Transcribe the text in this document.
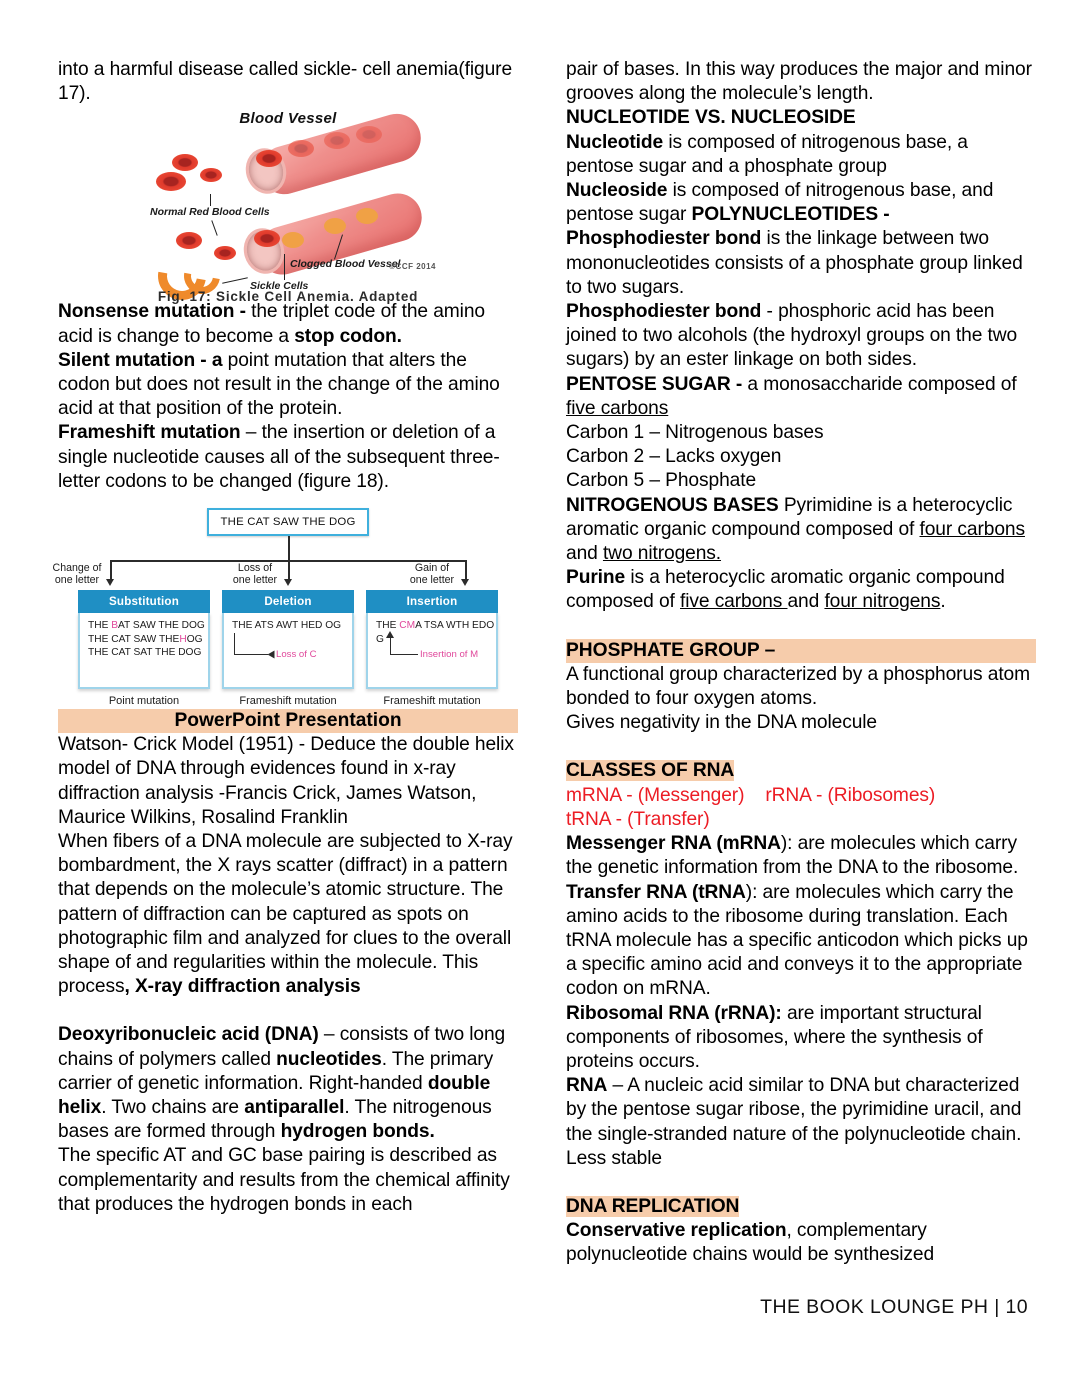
into a harmful disease called sickle- cell anemia(figure 17).

Blood Vessel
Normal Red Blood Cells
Clogged Blood Vessel
Sickle Cells
©CCF 2014
Fig. 17: Sickle Cell Anemia. Adapted

Nonsense mutation - the triplet code of the amino acid is change to become a stop codon.

Silent mutation - a point mutation that alters the codon but does not result in the change of the amino acid at that position of the protein.

Frameshift mutation – the insertion or deletion of a

single nucleotide causes all of the subsequent three-letter codons to be changed (figure 18).

THE CAT SAW THE DOG
Change of
one letter
Loss of
one letter
Gain of
one letter
Substitution
THE BAT SAW THE DOG
THE CAT SAW THEHOG
THE CAT SAT THE DOG
Point mutation
Deletion
THE ATS AWT HED OG
Loss of C
Frameshift mutation
Insertion
THE CMA TSA WTH EDO G
Insertion of M
Frameshift mutation
PowerPoint Presentation

Watson- Crick Model (1951) - Deduce the double helix model of DNA through evidences found in x-ray diffraction analysis -Francis Crick, James Watson, Maurice Wilkins, Rosalind Franklin

When fibers of a DNA molecule are subjected to X-ray bombardment, the X rays scatter (diffract) in a pattern that depends on the molecule’s atomic structure. The pattern of diffraction can be captured as spots on photographic film and analyzed for clues to the overall shape of and regularities within the molecule. This process, X-ray diffraction analysis

Deoxyribonucleic acid (DNA) – consists of two long chains of polymers called nucleotides. The primary carrier of genetic information. Right-handed double helix. Two chains are antiparallel. The nitrogenous bases are formed through hydrogen bonds.

The specific AT and GC base pairing is described as complementarity and results from the chemical affinity that produces the hydrogen bonds in each

pair of bases. In this way produces the major and minor grooves along the molecule’s length.

NUCLEOTIDE VS. NUCLEOSIDE

Nucleotide is composed of nitrogenous base, a pentose sugar and a phosphate group

Nucleoside is composed of nitrogenous base, and pentose sugar POLYNUCLEOTIDES -

Phosphodiester bond is the linkage between two mononucleotides consists of a phosphate group linked to two sugars.

Phosphodiester bond - phosphoric acid has been joined to two alcohols (the hydroxyl groups on the two sugars) by an ester linkage on both sides.

PENTOSE SUGAR - a monosaccharide composed of five carbons

Carbon 1 – Nitrogenous bases

Carbon 2 – Lacks oxygen

Carbon 5 – Phosphate

NITROGENOUS BASES Pyrimidine is a heterocyclic aromatic organic compound composed of four carbons and two nitrogens.

Purine is a heterocyclic aromatic organic compound composed of five carbons and four nitrogens.

PHOSPHATE GROUP –

A functional group characterized by a phosphorus atom bonded to four oxygen atoms.

Gives negativity in the DNA molecule

CLASSES OF RNA

mRNA - (Messenger) rRNA - (Ribosomes)

tRNA - (Transfer)

Messenger RNA (mRNA): are molecules which carry the genetic information from the DNA to the ribosome.

Transfer RNA (tRNA): are molecules which carry the amino acids to the ribosome during translation. Each tRNA molecule has a specific anticodon which picks up a specific amino acid and conveys it to the appropriate codon on mRNA.

Ribosomal RNA (rRNA): are important structural components of ribosomes, where the synthesis of proteins occurs.

RNA – A nucleic acid similar to DNA but characterized by the pentose sugar ribose, the pyrimidine uracil, and the single-stranded nature of the polynucleotide chain. Less stable

DNA REPLICATION

Conservative replication, complementary polynucleotide chains would be synthesized

THE BOOK LOUNGE PH | 10
